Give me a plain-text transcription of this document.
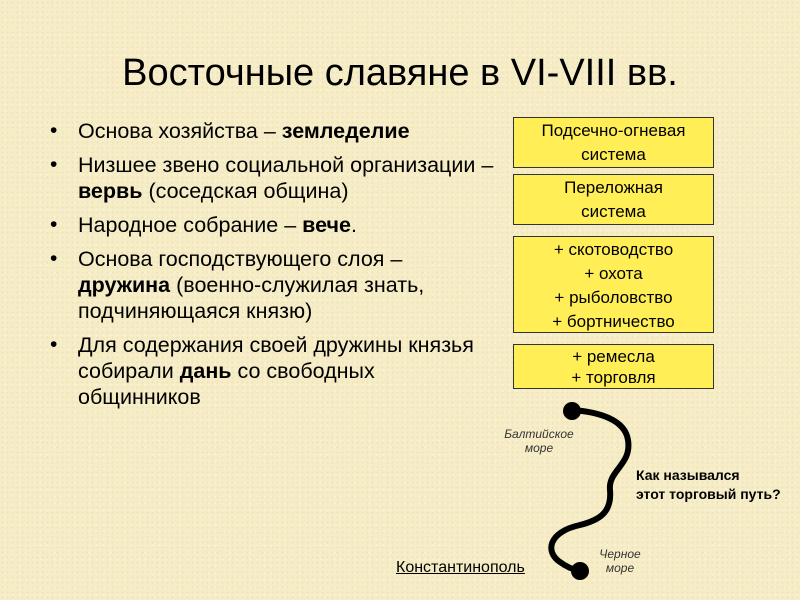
Восточные славяне в VI-VIII вв.
• Основа хозяйства – земледелие
• Низшее звено социальной организации – вервь (соседская община)
• Народное собрание – вече.
• Основа господствующего слоя – дружина (военно-служилая знать, подчиняющаяся князю)
• Для содержания своей дружины князья собирали дань со свободных общинников
Подсечно-огневая
система
Переложная
система
+ скотоводство
+ охота
+ рыболовство
+ бортничество
+ ремесла
+ торговля
Балтийское
море
Черное
море
Как назывался
этот торговый путь?
Константинополь
